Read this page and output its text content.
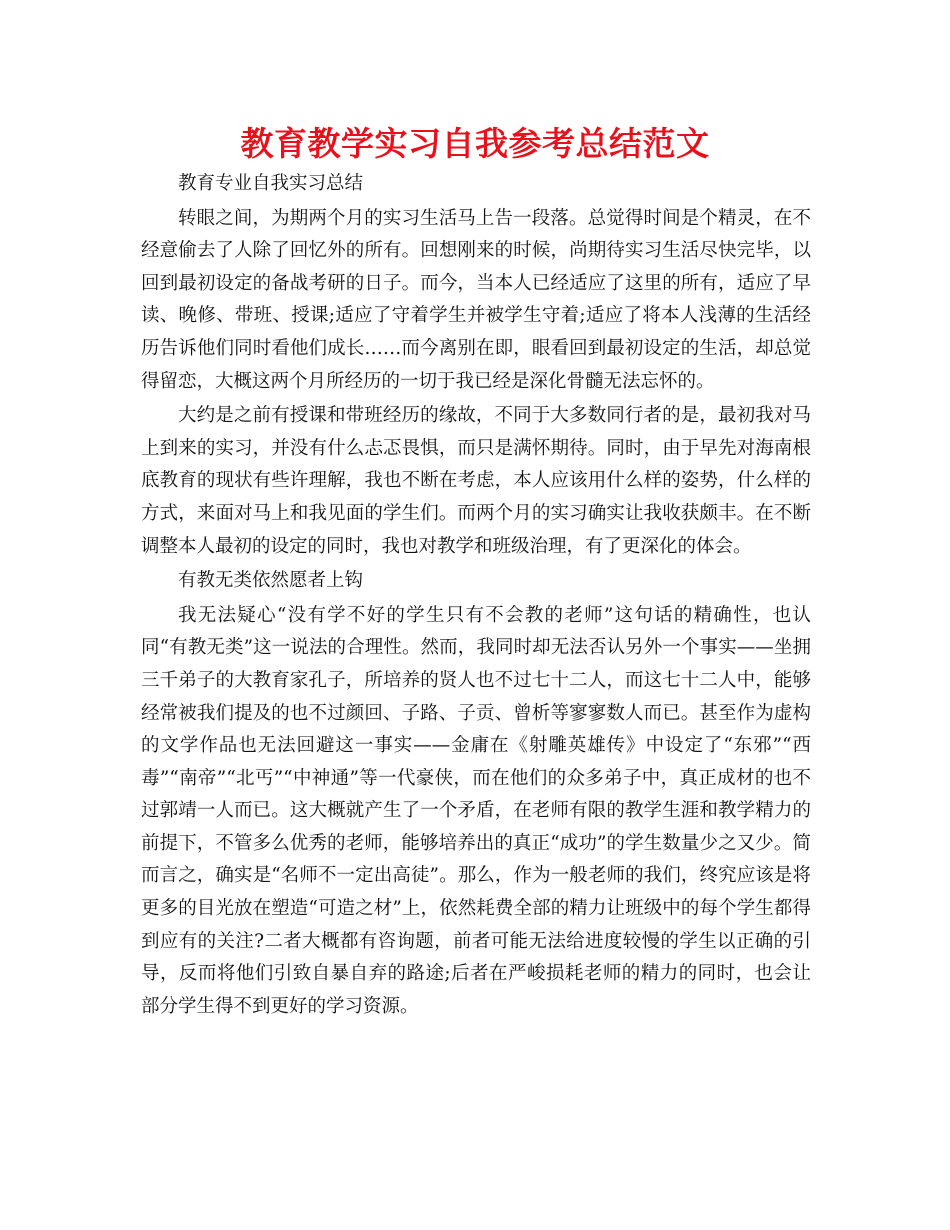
教育教学实习自我参考总结范文

教育专业自我实习总结

转眼之间，为期两个月的实习生活马上告一段落。总觉得时间是个精灵，在不经意偷去了人除了回忆外的所有。回想刚来的时候，尚期待实习生活尽快完毕，以回到最初设定的备战考研的日子。而今，当本人已经适应了这里的所有，适应了早读、晚修、带班、授课;适应了守着学生并被学生守着;适应了将本人浅薄的生活经历告诉他们同时看他们成长……而今离别在即，眼看回到最初设定的生活，却总觉得留恋，大概这两个月所经历的一切于我已经是深化骨髓无法忘怀的。

大约是之前有授课和带班经历的缘故，不同于大多数同行者的是，最初我对马上到来的实习，并没有什么忐忑畏惧，而只是满怀期待。同时，由于早先对海南根底教育的现状有些许理解，我也不断在考虑，本人应该用什么样的姿势，什么样的方式，来面对马上和我见面的学生们。而两个月的实习确实让我收获颇丰。在不断调整本人最初的设定的同时，我也对教学和班级治理，有了更深化的体会。

有教无类依然愿者上钩

我无法疑心“没有学不好的学生只有不会教的老师”这句话的精确性，也认同“有教无类”这一说法的合理性。然而，我同时却无法否认另外一个事实——坐拥三千弟子的大教育家孔子，所培养的贤人也不过七十二人，而这七十二人中，能够经常被我们提及的也不过颜回、子路、子贡、曾析等寥寥数人而已。甚至作为虚构的文学作品也无法回避这一事实——金庸在《射雕英雄传》中设定了“东邪”“西毒”“南帝”“北丐”“中神通”等一代豪侠，而在他们的众多弟子中，真正成材的也不过郭靖一人而已。这大概就产生了一个矛盾，在老师有限的教学生涯和教学精力的前提下，不管多么优秀的老师，能够培养出的真正“成功”的学生数量少之又少。简而言之，确实是“名师不一定出高徒”。那么，作为一般老师的我们，终究应该是将更多的目光放在塑造“可造之材”上，依然耗费全部的精力让班级中的每个学生都得到应有的关注?二者大概都有咨询题，前者可能无法给进度较慢的学生以正确的引导，反而将他们引致自暴自弃的路途;后者在严峻损耗老师的精力的同时，也会让部分学生得不到更好的学习资源。
